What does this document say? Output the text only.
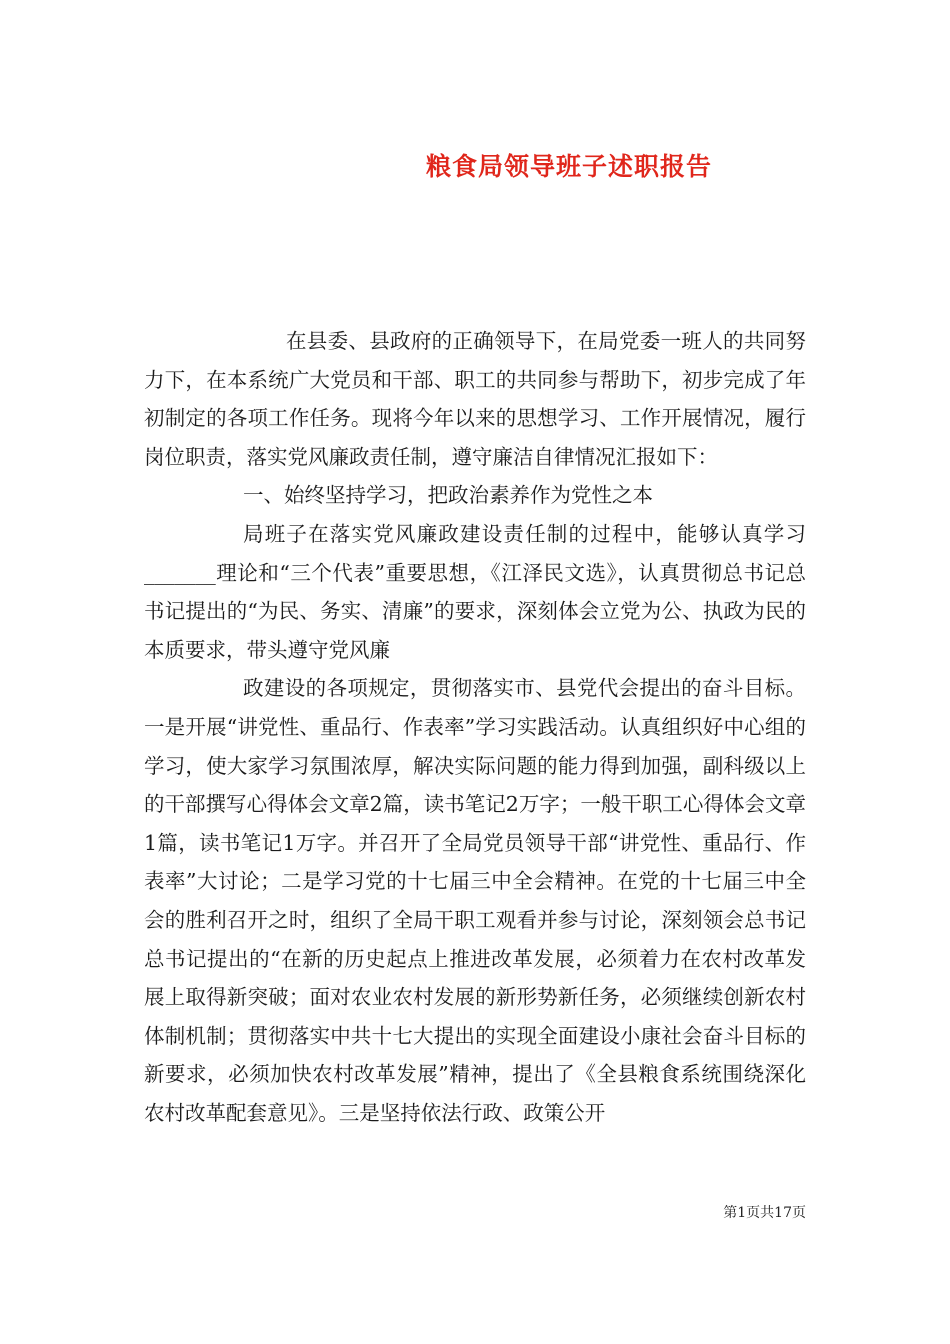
粮食局领导班子述职报告

在县委、县政府的正确领导下，在局党委一班人的共同努力下，在本系统广大党员和干部、职工的共同参与帮助下，初步完成了年初制定的各项工作任务。现将今年以来的思想学习、工作开展情况，履行岗位职责，落实党风廉政责任制，遵守廉洁自律情况汇报如下：

一、始终坚持学习，把政治素养作为党性之本

局班子在落实党风廉政建设责任制的过程中，能够认真学习_______理论和“三个代表”重要思想，《江泽民文选》，认真贯彻总书记总书记提出的“为民、务实、清廉”的要求，深刻体会立党为公、执政为民的本质要求，带头遵守党风廉

政建设的各项规定，贯彻落实市、县党代会提出的奋斗目标。一是开展“讲党性、重品行、作表率”学习实践活动。认真组织好中心组的学习，使大家学习氛围浓厚，解决实际问题的能力得到加强，副科级以上的干部撰写心得体会文章2篇，读书笔记2万字；一般干职工心得体会文章1篇，读书笔记1万字。并召开了全局党员领导干部“讲党性、重品行、作表率”大讨论；二是学习党的十七届三中全会精神。在党的十七届三中全会的胜利召开之时，组织了全局干职工观看并参与讨论，深刻领会总书记总书记提出的“在新的历史起点上推进改革发展，必须着力在农村改革发展上取得新突破；面对农业农村发展的新形势新任务，必须继续创新农村体制机制；贯彻落实中共十七大提出的实现全面建设小康社会奋斗目标的新要求，必须加快农村改革发展”精神，提出了《全县粮食系统围绕深化农村改革配套意见》。三是坚持依法行政、政策公开

第1页共17页
